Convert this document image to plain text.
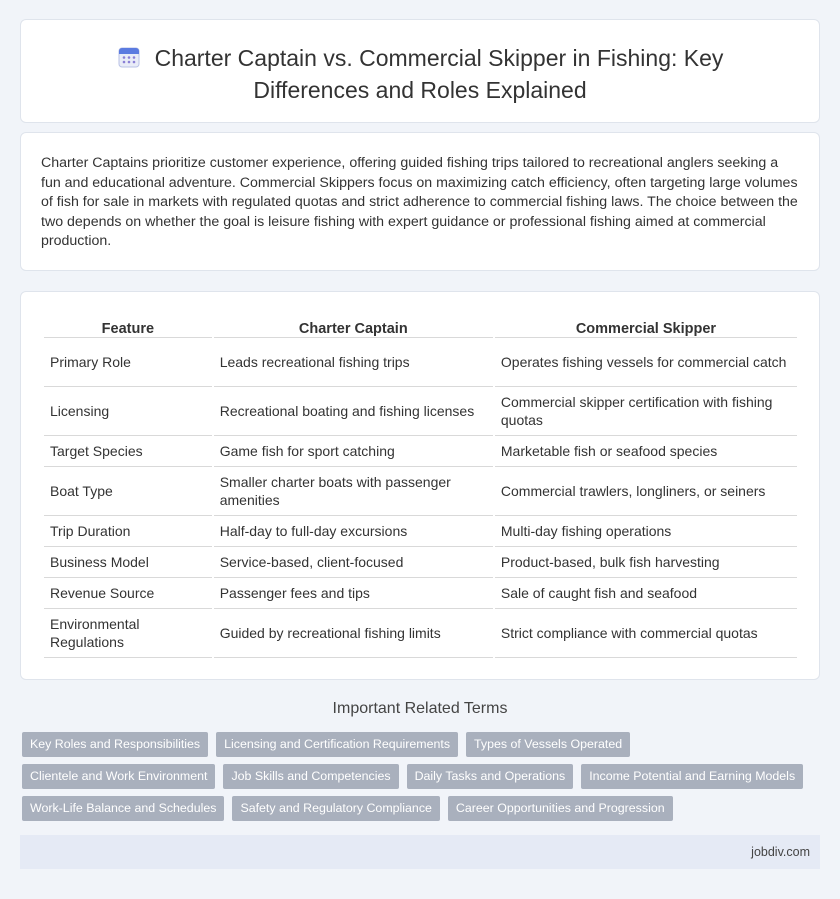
Charter Captain vs. Commercial Skipper in Fishing: Key Differences and Roles Explained

Charter Captains prioritize customer experience, offering guided fishing trips tailored to recreational anglers seeking a fun and educational adventure. Commercial Skippers focus on maximizing catch efficiency, often targeting large volumes of fish for sale in markets with regulated quotas and strict adherence to commercial fishing laws. The choice between the two depends on whether the goal is leisure fishing with expert guidance or professional fishing aimed at commercial production.

Feature	Charter Captain	Commercial Skipper
Primary Role	Leads recreational fishing trips	Operates fishing vessels for commercial catch
Licensing	Recreational boating and fishing licenses	Commercial skipper certification with fishing quotas
Target Species	Game fish for sport catching	Marketable fish or seafood species
Boat Type	Smaller charter boats with passenger amenities	Commercial trawlers, longliners, or seiners
Trip Duration	Half-day to full-day excursions	Multi-day fishing operations
Business Model	Service-based, client-focused	Product-based, bulk fish harvesting
Revenue Source	Passenger fees and tips	Sale of caught fish and seafood
Environmental Regulations	Guided by recreational fishing limits	Strict compliance with commercial quotas
Important Related Terms
Key Roles and Responsibilities	Licensing and Certification Requirements	Types of Vessels Operated
Clientele and Work Environment	Job Skills and Competencies	Daily Tasks and Operations	Income Potential and Earning Models
Work-Life Balance and Schedules	Safety and Regulatory Compliance	Career Opportunities and Progression
jobdiv.com
